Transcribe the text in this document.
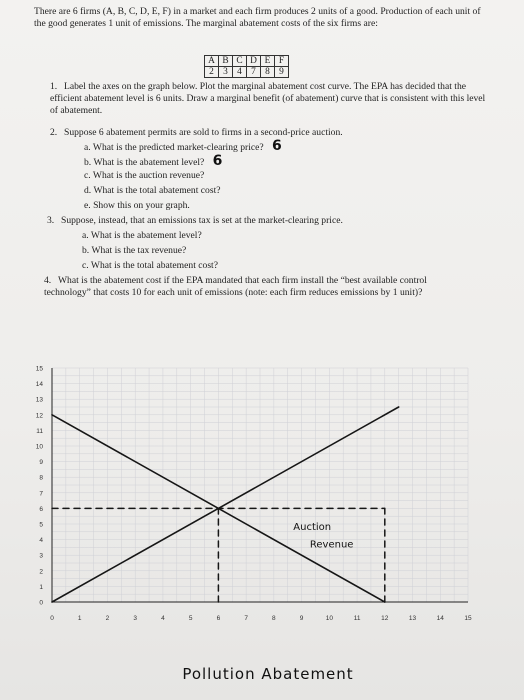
There are 6 firms (A, B, C, D, E, F) in a market and each firm produces 2 units of a good. Production of each unit of the good generates 1 unit of emissions. The marginal abatement costs of the six firms are:
A	B	C	D	E	F
2	3	4	7	8	9
1. Label the axes on the graph below. Plot the marginal abatement cost curve. The EPA has decided that the efficient abatement level is 6 units. Draw a marginal benefit (of abatement) curve that is consistent with this level of abatement.
2. Suppose 6 abatement permits are sold to firms in a second-price auction.
a. What is the predicted market-clearing price? 6
b. What is the abatement level? 6
c. What is the auction revenue?
d. What is the total abatement cost?
e. Show this on your graph.
3. Suppose, instead, that an emissions tax is set at the market-clearing price.
a. What is the abatement level?
b. What is the tax revenue?
c. What is the total abatement cost?
4. What is the abatement cost if the EPA mandated that each firm install the “best available control technology” that costs 10 for each unit of emissions (note: each firm reduces emissions by 1 unit)?
0	1	2	3	4	5	6	7	8	9	10	11	12	13	14	15
0
1
2
3
4
5
6
7
8
9
10
11
12
13
14
15
Auction
Revenue
Pollution Abatement
